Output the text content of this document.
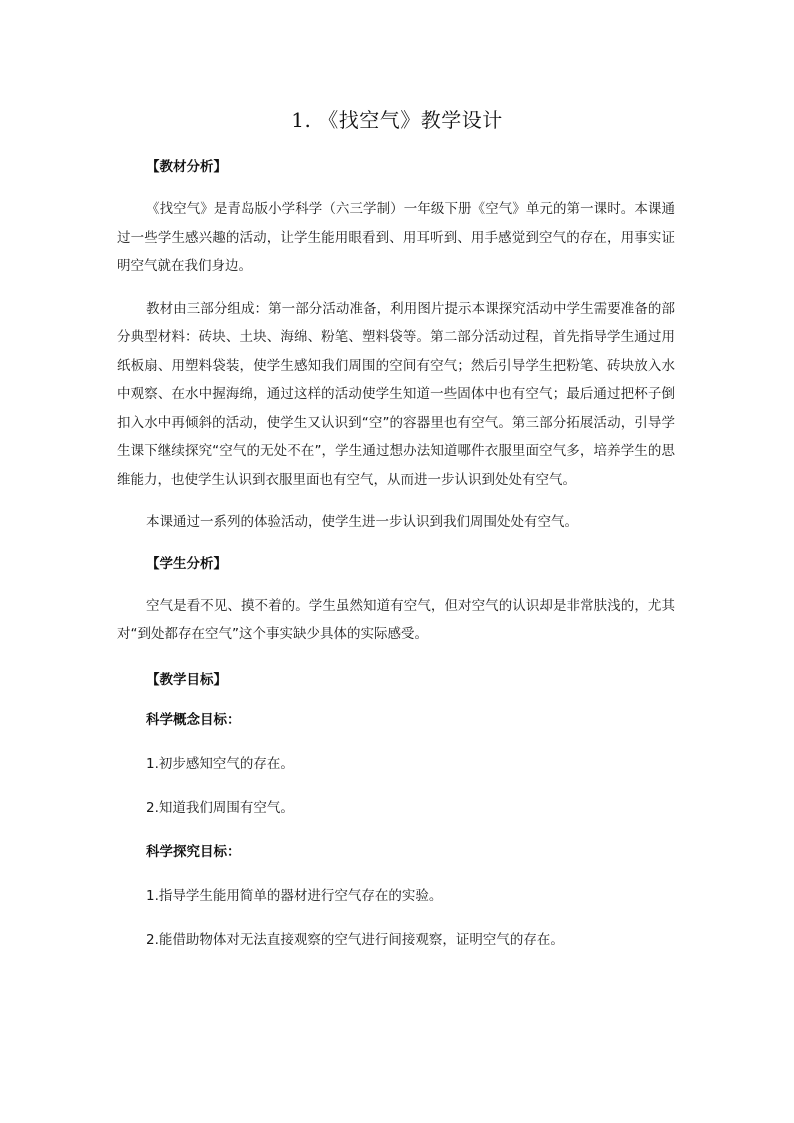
1. 《找空气》教学设计
【教材分析】

《找空气》是青岛版小学科学（六三学制）一年级下册《空气》单元的第一课时。本课通过一些学生感兴趣的活动，让学生能用眼看到、用耳听到、用手感觉到空气的存在，用事实证明空气就在我们身边。

教材由三部分组成：第一部分活动准备，利用图片提示本课探究活动中学生需要准备的部分典型材料：砖块、土块、海绵、粉笔、塑料袋等。第二部分活动过程，首先指导学生通过用纸板扇、用塑料袋装，使学生感知我们周围的空间有空气；然后引导学生把粉笔、砖块放入水中观察、在水中握海绵，通过这样的活动使学生知道一些固体中也有空气；最后通过把杯子倒扣入水中再倾斜的活动，使学生又认识到“空”的容器里也有空气。第三部分拓展活动，引导学生课下继续探究“空气的无处不在”，学生通过想办法知道哪件衣服里面空气多，培养学生的思维能力，也使学生认识到衣服里面也有空气，从而进一步认识到处处有空气。

本课通过一系列的体验活动，使学生进一步认识到我们周围处处有空气。

【学生分析】

空气是看不见、摸不着的。学生虽然知道有空气，但对空气的认识却是非常肤浅的，尤其对“到处都存在空气”这个事实缺少具体的实际感受。

【教学目标】
科学概念目标：
1.初步感知空气的存在。
2.知道我们周围有空气。
科学探究目标：
1.指导学生能用简单的器材进行空气存在的实验。
2.能借助物体对无法直接观察的空气进行间接观察，证明空气的存在。
